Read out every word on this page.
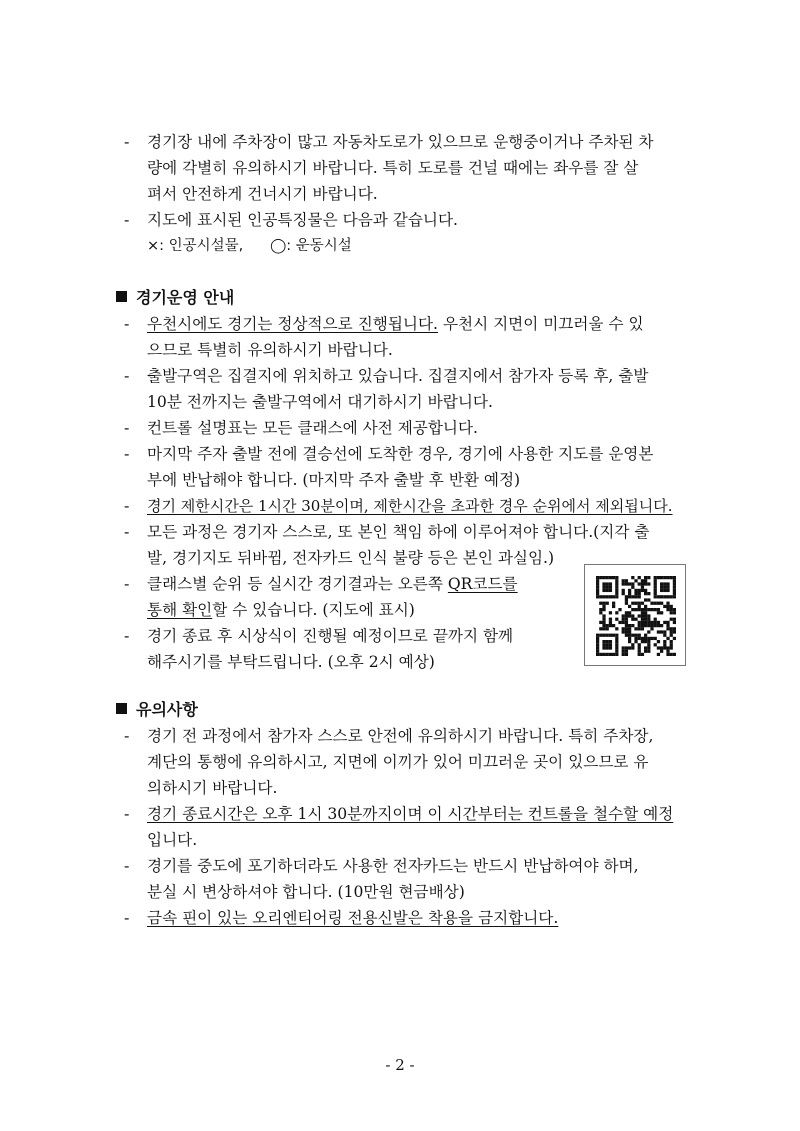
- 경기장 내에 주차장이 많고 자동차도로가 있으므로 운행중이거나 주차된 차
량에 각별히 유의하시기 바랍니다. 특히 도로를 건널 때에는 좌우를 잘 살
펴서 안전하게 건너시기 바랍니다.
- 지도에 표시된 인공특징물은 다음과 같습니다.
×: 인공시설물, ◯: 운동시설
경기운영 안내
- 우천시에도 경기는 정상적으로 진행됩니다. 우천시 지면이 미끄러울 수 있
으므로 특별히 유의하시기 바랍니다.
- 출발구역은 집결지에 위치하고 있습니다. 집결지에서 참가자 등록 후, 출발
10분 전까지는 출발구역에서 대기하시기 바랍니다.
- 컨트롤 설명표는 모든 클래스에 사전 제공합니다.
- 마지막 주자 출발 전에 결승선에 도착한 경우, 경기에 사용한 지도를 운영본
부에 반납해야 합니다. (마지막 주자 출발 후 반환 예정)
- 경기 제한시간은 1시간 30분이며, 제한시간을 초과한 경우 순위에서 제외됩니다.
- 모든 과정은 경기자 스스로, 또 본인 책임 하에 이루어져야 합니다.(지각 출
발, 경기지도 뒤바뀜, 전자카드 인식 불량 등은 본인 과실임.)
- 클래스별 순위 등 실시간 경기결과는 오른쪽 QR코드를
통해 확인할 수 있습니다. (지도에 표시)
- 경기 종료 후 시상식이 진행될 예정이므로 끝까지 함께
해주시기를 부탁드립니다. (오후 2시 예상)
유의사항
- 경기 전 과정에서 참가자 스스로 안전에 유의하시기 바랍니다. 특히 주차장,
계단의 통행에 유의하시고, 지면에 이끼가 있어 미끄러운 곳이 있으므로 유
의하시기 바랍니다.
- 경기 종료시간은 오후 1시 30분까지이며 이 시간부터는 컨트롤을 철수할 예정
입니다.
- 경기를 중도에 포기하더라도 사용한 전자카드는 반드시 반납하여야 하며,
분실 시 변상하셔야 합니다. (10만원 현금배상)
- 금속 핀이 있는 오리엔티어링 전용신발은 착용을 금지합니다.
- 2 -
